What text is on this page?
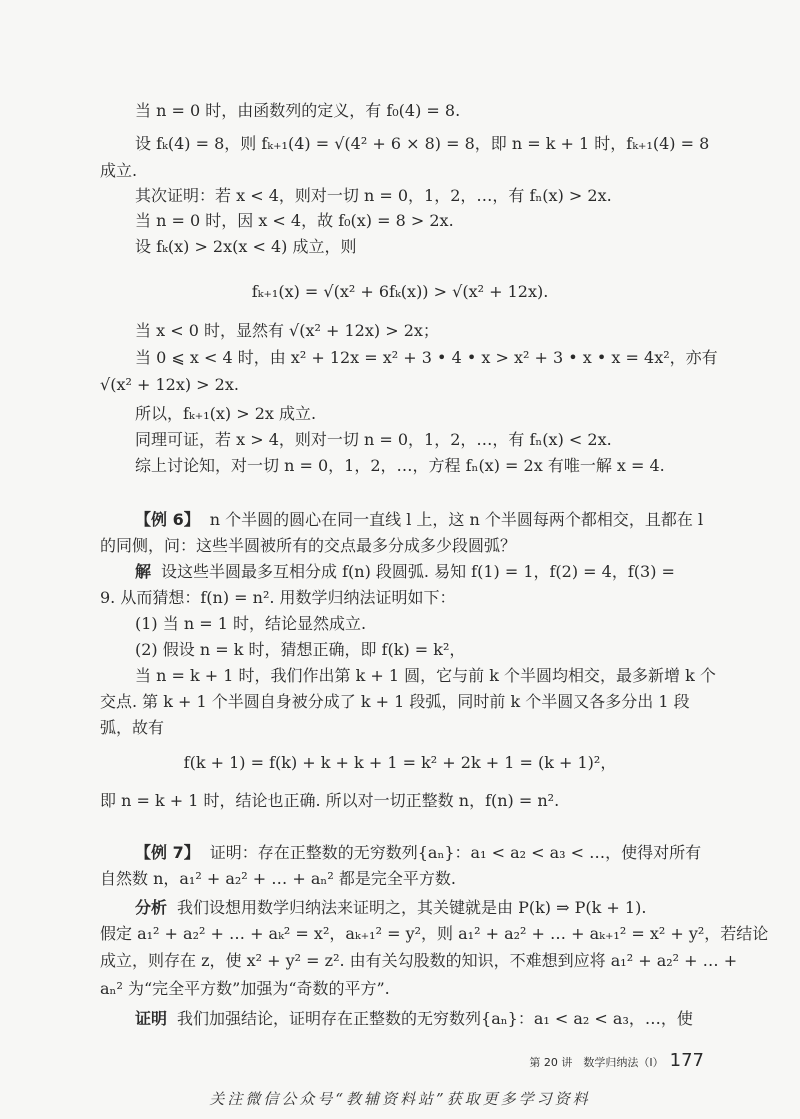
当 n = 0 时，由函数列的定义，有 f₀(4) = 8.
设 fₖ(4) = 8，则 fₖ₊₁(4) = √(4² + 6 × 8) = 8，即 n = k + 1 时，fₖ₊₁(4) = 8
成立.
其次证明：若 x < 4，则对一切 n = 0，1，2，…，有 fₙ(x) > 2x.
当 n = 0 时，因 x < 4，故 f₀(x) = 8 > 2x.
设 fₖ(x) > 2x(x < 4) 成立，则
fₖ₊₁(x) = √(x² + 6fₖ(x)) > √(x² + 12x).
当 x < 0 时，显然有 √(x² + 12x) > 2x；
当 0 ⩽ x < 4 时，由 x² + 12x = x² + 3 • 4 • x > x² + 3 • x • x = 4x²，亦有
√(x² + 12x) > 2x.
所以，fₖ₊₁(x) > 2x 成立.
同理可证，若 x > 4，则对一切 n = 0，1，2，…，有 fₙ(x) < 2x.
综上讨论知，对一切 n = 0，1，2，…，方程 fₙ(x) = 2x 有唯一解 x = 4.
【例 6】 n 个半圆的圆心在同一直线 l 上，这 n 个半圆每两个都相交，且都在 l
的同侧，问：这些半圆被所有的交点最多分成多少段圆弧？
解 设这些半圆最多互相分成 f(n) 段圆弧. 易知 f(1) = 1，f(2) = 4，f(3) =
9. 从而猜想：f(n) = n². 用数学归纳法证明如下：
(1) 当 n = 1 时，结论显然成立.
(2) 假设 n = k 时，猜想正确，即 f(k) = k²，
当 n = k + 1 时，我们作出第 k + 1 圆，它与前 k 个半圆均相交，最多新增 k 个
交点. 第 k + 1 个半圆自身被分成了 k + 1 段弧，同时前 k 个半圆又各多分出 1 段
弧，故有
f(k + 1) = f(k) + k + k + 1 = k² + 2k + 1 = (k + 1)²，
即 n = k + 1 时，结论也正确. 所以对一切正整数 n，f(n) = n².
【例 7】 证明：存在正整数的无穷数列{aₙ}：a₁ < a₂ < a₃ < …，使得对所有
自然数 n，a₁² + a₂² + … + aₙ² 都是完全平方数.
分析 我们设想用数学归纳法来证明之，其关键就是由 P(k) ⇒ P(k + 1).
假定 a₁² + a₂² + … + aₖ² = x²，aₖ₊₁² = y²，则 a₁² + a₂² + … + aₖ₊₁² = x² + y²，若结论
成立，则存在 z，使 x² + y² = z². 由有关勾股数的知识，不难想到应将 a₁² + a₂² + … +
aₙ² 为“完全平方数”加强为“奇数的平方”.
证明 我们加强结论，证明存在正整数的无穷数列{aₙ}：a₁ < a₂ < a₃，…，使
第 20 讲　数学归纳法（Ⅰ） 177
关注微信公众号“教辅资料站”获取更多学习资料
